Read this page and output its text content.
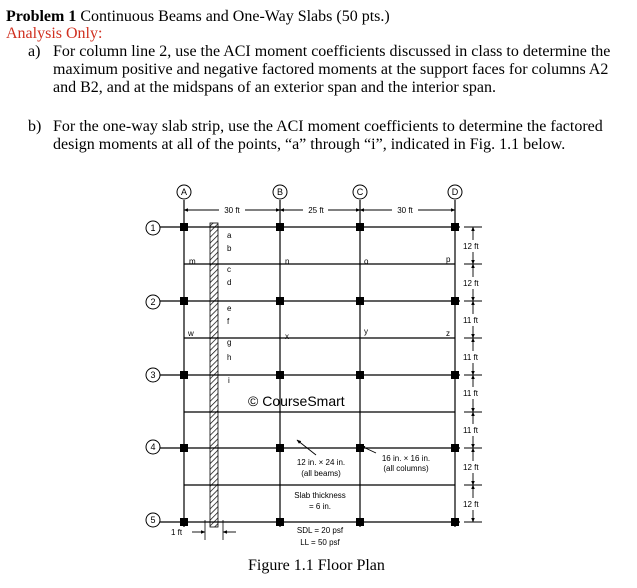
Problem 1 Continuous Beams and One-Way Slabs (50 pts.)
Analysis Only:
a) For column line 2, use the ACI moment coefficients discussed in class to determine the
maximum positive and negative factored moments at the support faces for columns A2
and B2, and at the midspans of an exterior span and the interior span.
b) For the one-way slab strip, use the ACI moment coefficients to determine the factored
design moments at all of the points, “a” through “i”, indicated in Fig. 1.1 below.
© CourseSmart
A	B	C	D
1
2
3
4
5
30 ft	25 ft	30 ft
12 ft
12 ft
11 ft
11 ft
11 ft
11 ft
12 ft
12 ft
a
b
c
d
e
f
g
h
i
m	n	o	p
w	x
y	z
1 ft
12 in. × 24 in.
(all beams)
16 in. × 16 in.
(all columns)
Slab thickness
= 6 in.
SDL = 20 psf
LL = 50 psf
Figure 1.1 Floor Plan
